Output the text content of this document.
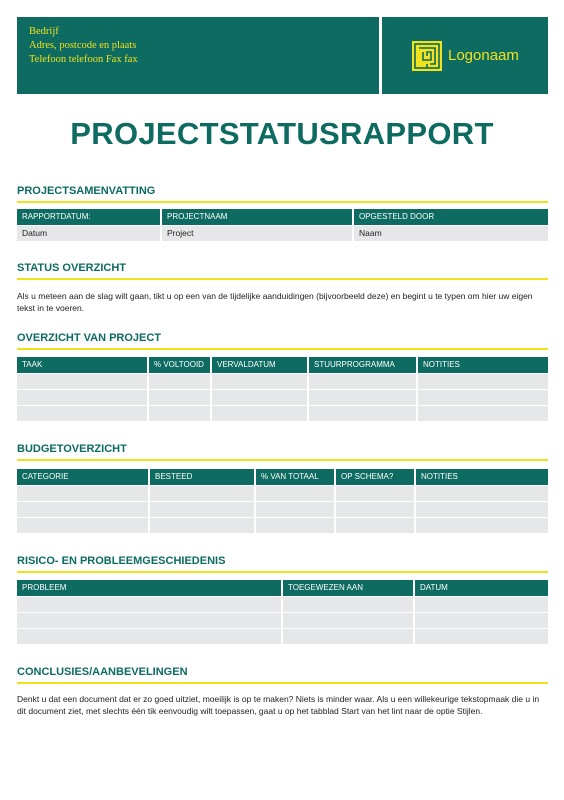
Bedrijf
Adres, postcode en plaats
Telefoon telefoon Fax fax	Logonaam
PROJECTSTATUSRAPPORT
PROJECTSAMENVATTING
RAPPORTDATUM:	PROJECTNAAM	OPGESTELD DOOR
Datum	Project	Naam
STATUS OVERZICHT
Als u meteen aan de slag wilt gaan, tikt u op een van de tijdelijke aanduidingen (bijvoorbeeld deze) en begint u te typen om hier uw eigen tekst in te voeren.
OVERZICHT VAN PROJECT
TAAK	% VOLTOOID	VERVALDATUM	STUURPROGRAMMA	NOTITIES

BUDGETOVERZICHT
CATEGORIE	BESTEED	% VAN TOTAAL	OP SCHEMA?	NOTITIES

RISICO- EN PROBLEEMGESCHIEDENIS
PROBLEEM	TOEGEWEZEN AAN	DATUM

CONCLUSIES/AANBEVELINGEN
Denkt u dat een document dat er zo goed uitziet, moeilijk is op te maken? Niets is minder waar. Als u een willekeurige tekstopmaak die u in dit document ziet, met slechts één tik eenvoudig wilt toepassen, gaat u op het tabblad Start van het lint naar de optie Stijlen.
